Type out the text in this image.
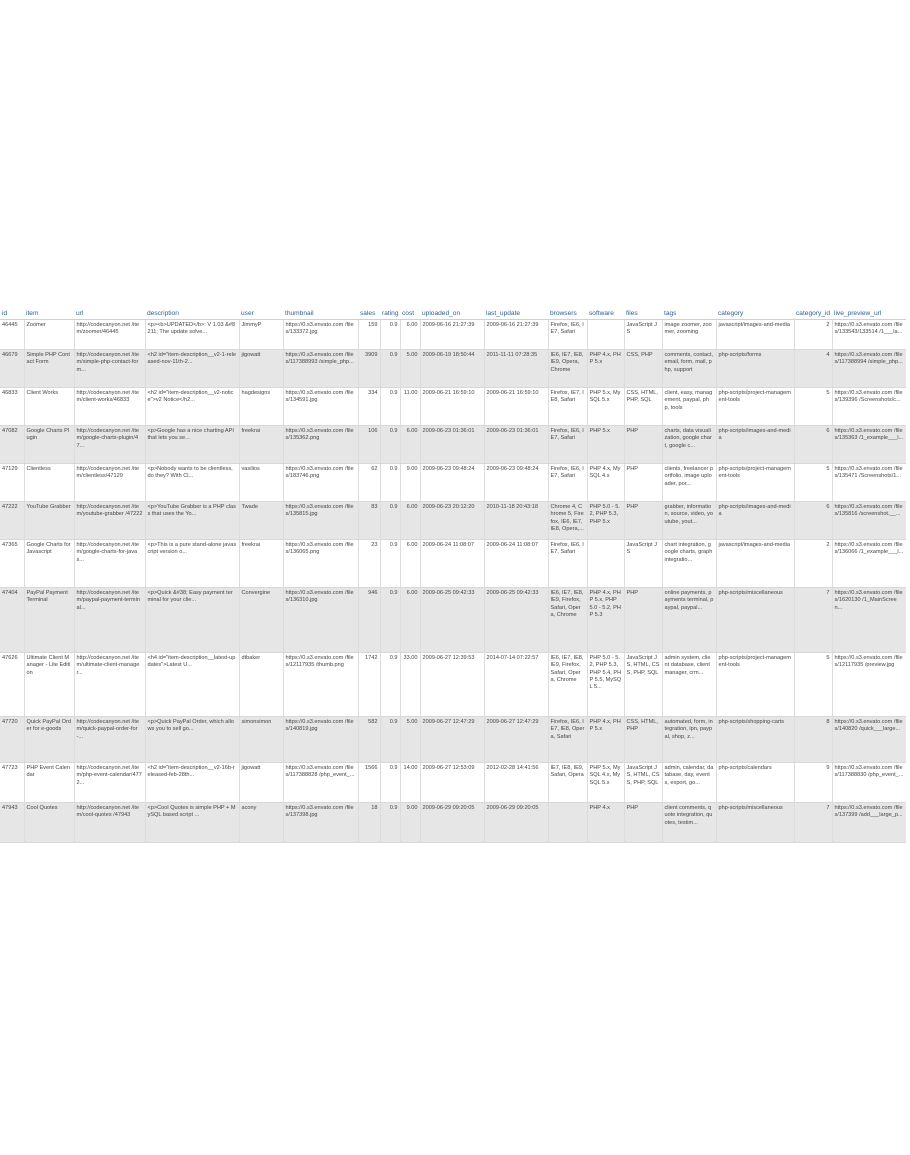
id	item	url	description	user	thumbnail	sales	rating	cost	uploaded_on	last_update	browsers	software	files	tags	category	category_id	live_preview_url
46445	Zoomer	http://codecanyon.net /item/zoomer/46445	<p><b>UPDATED</b>: V 1.03 &#8211; The update solve...	JimmyP	https://0.s3.envato.com /files/133372.jpg	159	0.9	6.00	2009-06-16 21:27:39	2009-06-16 21:27:39	Firefox, IE6, IE7, Safari		JavaScript JS	image zoomer, zoomer, zooming	javascript/images-and-media	2	https://0.s3.envato.com /files/133543/133514 /1___la...
46679	Simple PHP Contact Form	http://codecanyon.net /item/simple-php-contact-form...	<h2 id="item-description__v2-1-released-nov-11th-2...	jigowatt	https://0.s3.envato.com /files/117388993 /simple_php...	3909	0.9	5.00	2009-06-19 18:50:44	2011-11-11 07:28:35	IE6, IE7, IE8, IE9, Opera, Chrome	PHP 4.x, PHP 5.x	CSS, PHP	comments, contact, email, form, mail, php, support	php-scripts/forms	4	https://0.s3.envato.com /files/117388994 /simple_php...
46833	Client Works	http://codecanyon.net /item/client-works/46833	<h2 id="item-description__v2-notice">v2 Notice</h2...	hagdesigns	https://0.s3.envato.com /files/134591.jpg	334	0.9	11.00	2009-06-21 16:59:10	2009-06-21 16:59:10	Firefox, IE7, IE8, Safari	PHP 5.x, MySQL 5.x	CSS, HTML, PHP, SQL	client, easy, management, paypal, php, tools	php-scripts/project-management-tools	5	https://0.s3.envato.com /files/139396 /Screenshots/c...
47082	Google Charts Plugin	http://codecanyon.net /item/google-charts-plugin/47...	<p>Google has a nice charting API that lets you se...	freekrai	https://0.s3.envato.com /files/135362.png	106	0.9	6.00	2009-06-23 01:36:01	2009-06-23 01:36:01	Firefox, IE6, IE7, Safari	PHP 5.x	PHP	charts, data visualization, google chart, google c...	php-scripts/images-and-media	6	https://0.s3.envato.com /files/135363 /1_example___l...
47129	Clientless	http://codecanyon.net /item/clientless/47129	<p>Nobody wants to be clientless, do they? With Cl...	vasilios	https://0.s3.envato.com /files/183746.png	62	0.9	9.00	2009-06-23 09:48:24	2009-06-23 09:48:24	Firefox, IE6, IE7, Safari	PHP 4.x, MySQL 4.x	PHP	clients, freelancer portfolio, image uploader, por...	php-scripts/project-management-tools	5	https://0.s3.envato.com /files/135471 /Screenshots/1...
47222	YouTube Grabber	http://codecanyon.net /item/youtube-grabber /47222	<p>YouTube Grabber is a PHP class that uses the Yo...	Twade	https://0.s3.envato.com /files/135815.jpg	83	0.9	6.00	2009-06-23 20:12:20	2010-11-18 20:43:18	Chrome 4, Chrome 5, Firefox, IE6, IE7, IE8, Opera,...	PHP 5.0 - 5.2, PHP 5.3, PHP 5.x	PHP	grabber, information, source, video, youtube, yout...	php-scripts/images-and-media	6	https://0.s3.envato.com /files/135816 /screenshot.__...
47365	Google Charts for Javascript	http://codecanyon.net /item/google-charts-for-javas...	<p>This is a pure stand-alone javascript version o...	freekrai	https://0.s3.envato.com /files/136065.png	23	0.9	6.00	2009-06-24 11:08:07	2009-06-24 11:08:07	Firefox, IE6, IE7, Safari		JavaScript JS	chart integration, google charts, graph integratio...	javascript/images-and-media	2	https://0.s3.envato.com /files/136066 /1_example___l...
47404	PayPal Payment Terminal	http://codecanyon.net /item/paypal-payment-terminal...	<p>Quick &#38; Easy payment terminal for your clie...	Convergine	https://0.s3.envato.com /files/136310.jpg	946	0.9	6.00	2009-06-25 09:42:33	2009-06-25 09:42:33	IE6, IE7, IE8, IE9, Firefox, Safari, Opera, Chrome	PHP 4.x, PHP 5.x, PHP 5.0 - 5.2, PHP 5.3	PHP	online payments, payments terminal, paypal, paypal...	php-scripts/miscellaneous	7	https://0.s3.envato.com /files/1620130 /1_MainScreen...
47626	Ultimate Client Manager - Lite Edition	http://codecanyon.net /item/ultimate-client-manager...	<h4 id="item-description__latest-updates">Latest U...	dtbaker	https://0.s3.envato.com /files/12117935 /thumb.png	1742	0.9	33.00	2009-06-27 12:39:53	2014-07-14 07:22:57	IE6, IE7, IE8, IE9, Firefox, Safari, Opera, Chrome	PHP 5.0 - 5.2, PHP 5.3, PHP 5.4, PHP 5.5, MySQL 5...	JavaScript JS, HTML, CSS, PHP, SQL	admin system, client database, client manager, crm...	php-scripts/project-management-tools	5	https://0.s3.envato.com /files/12117935 /preview.jpg
47720	Quick PayPal Order for e-goods	http://codecanyon.net /item/quick-paypal-order-for-...	<p>Quick PayPal Order, which allows you to sell go...	simonsimon	https://0.s3.envato.com /files/140819.jpg	582	0.9	5.00	2009-06-27 12:47:29	2009-06-27 12:47:29	Firefox, IE6, IE7, IE8, Opera, Safari	PHP 4.x, PHP 5.x	CSS, HTML, PHP	automated, form, integration, ipn, paypal, shop, z...	php-scripts/shopping-carts	8	https://0.s3.envato.com /files/140820 /quick___large...
47723	PHP Event Calendar	http://codecanyon.net /item/php-event-calendar/4772...	<h2 id="item-description__v2-16b-released-feb-28th...	jigowatt	https://0.s3.envato.com /files/117388828 /php_event_...	1566	0.9	14.00	2009-06-27 12:53:09	2012-02-28 14:41:56	IE7, IE8, IE9, Safari, Opera	PHP 5.x, MySQL 4.x, MySQL 5.x	JavaScript JS, HTML, CSS, PHP, SQL	admin, calendar, database, day, events, export, go...	php-scripts/calendars	9	https://0.s3.envato.com /files/117388830 /php_event_...
47943	Cool Quotes	http://codecanyon.net /item/cool-quotes /47943	<p>Cool Quotes is simple PHP + MySQL based script ...	acony	https://0.s3.envato.com /files/137398.jpg	18	0.9	9.00	2009-06-29 09:20:05	2009-06-29 09:20:05		PHP 4.x	PHP	client comments, quote integration, quotes, testim...	php-scripts/miscellaneous	7	https://0.s3.envato.com /files/137399 /add___large_p...
